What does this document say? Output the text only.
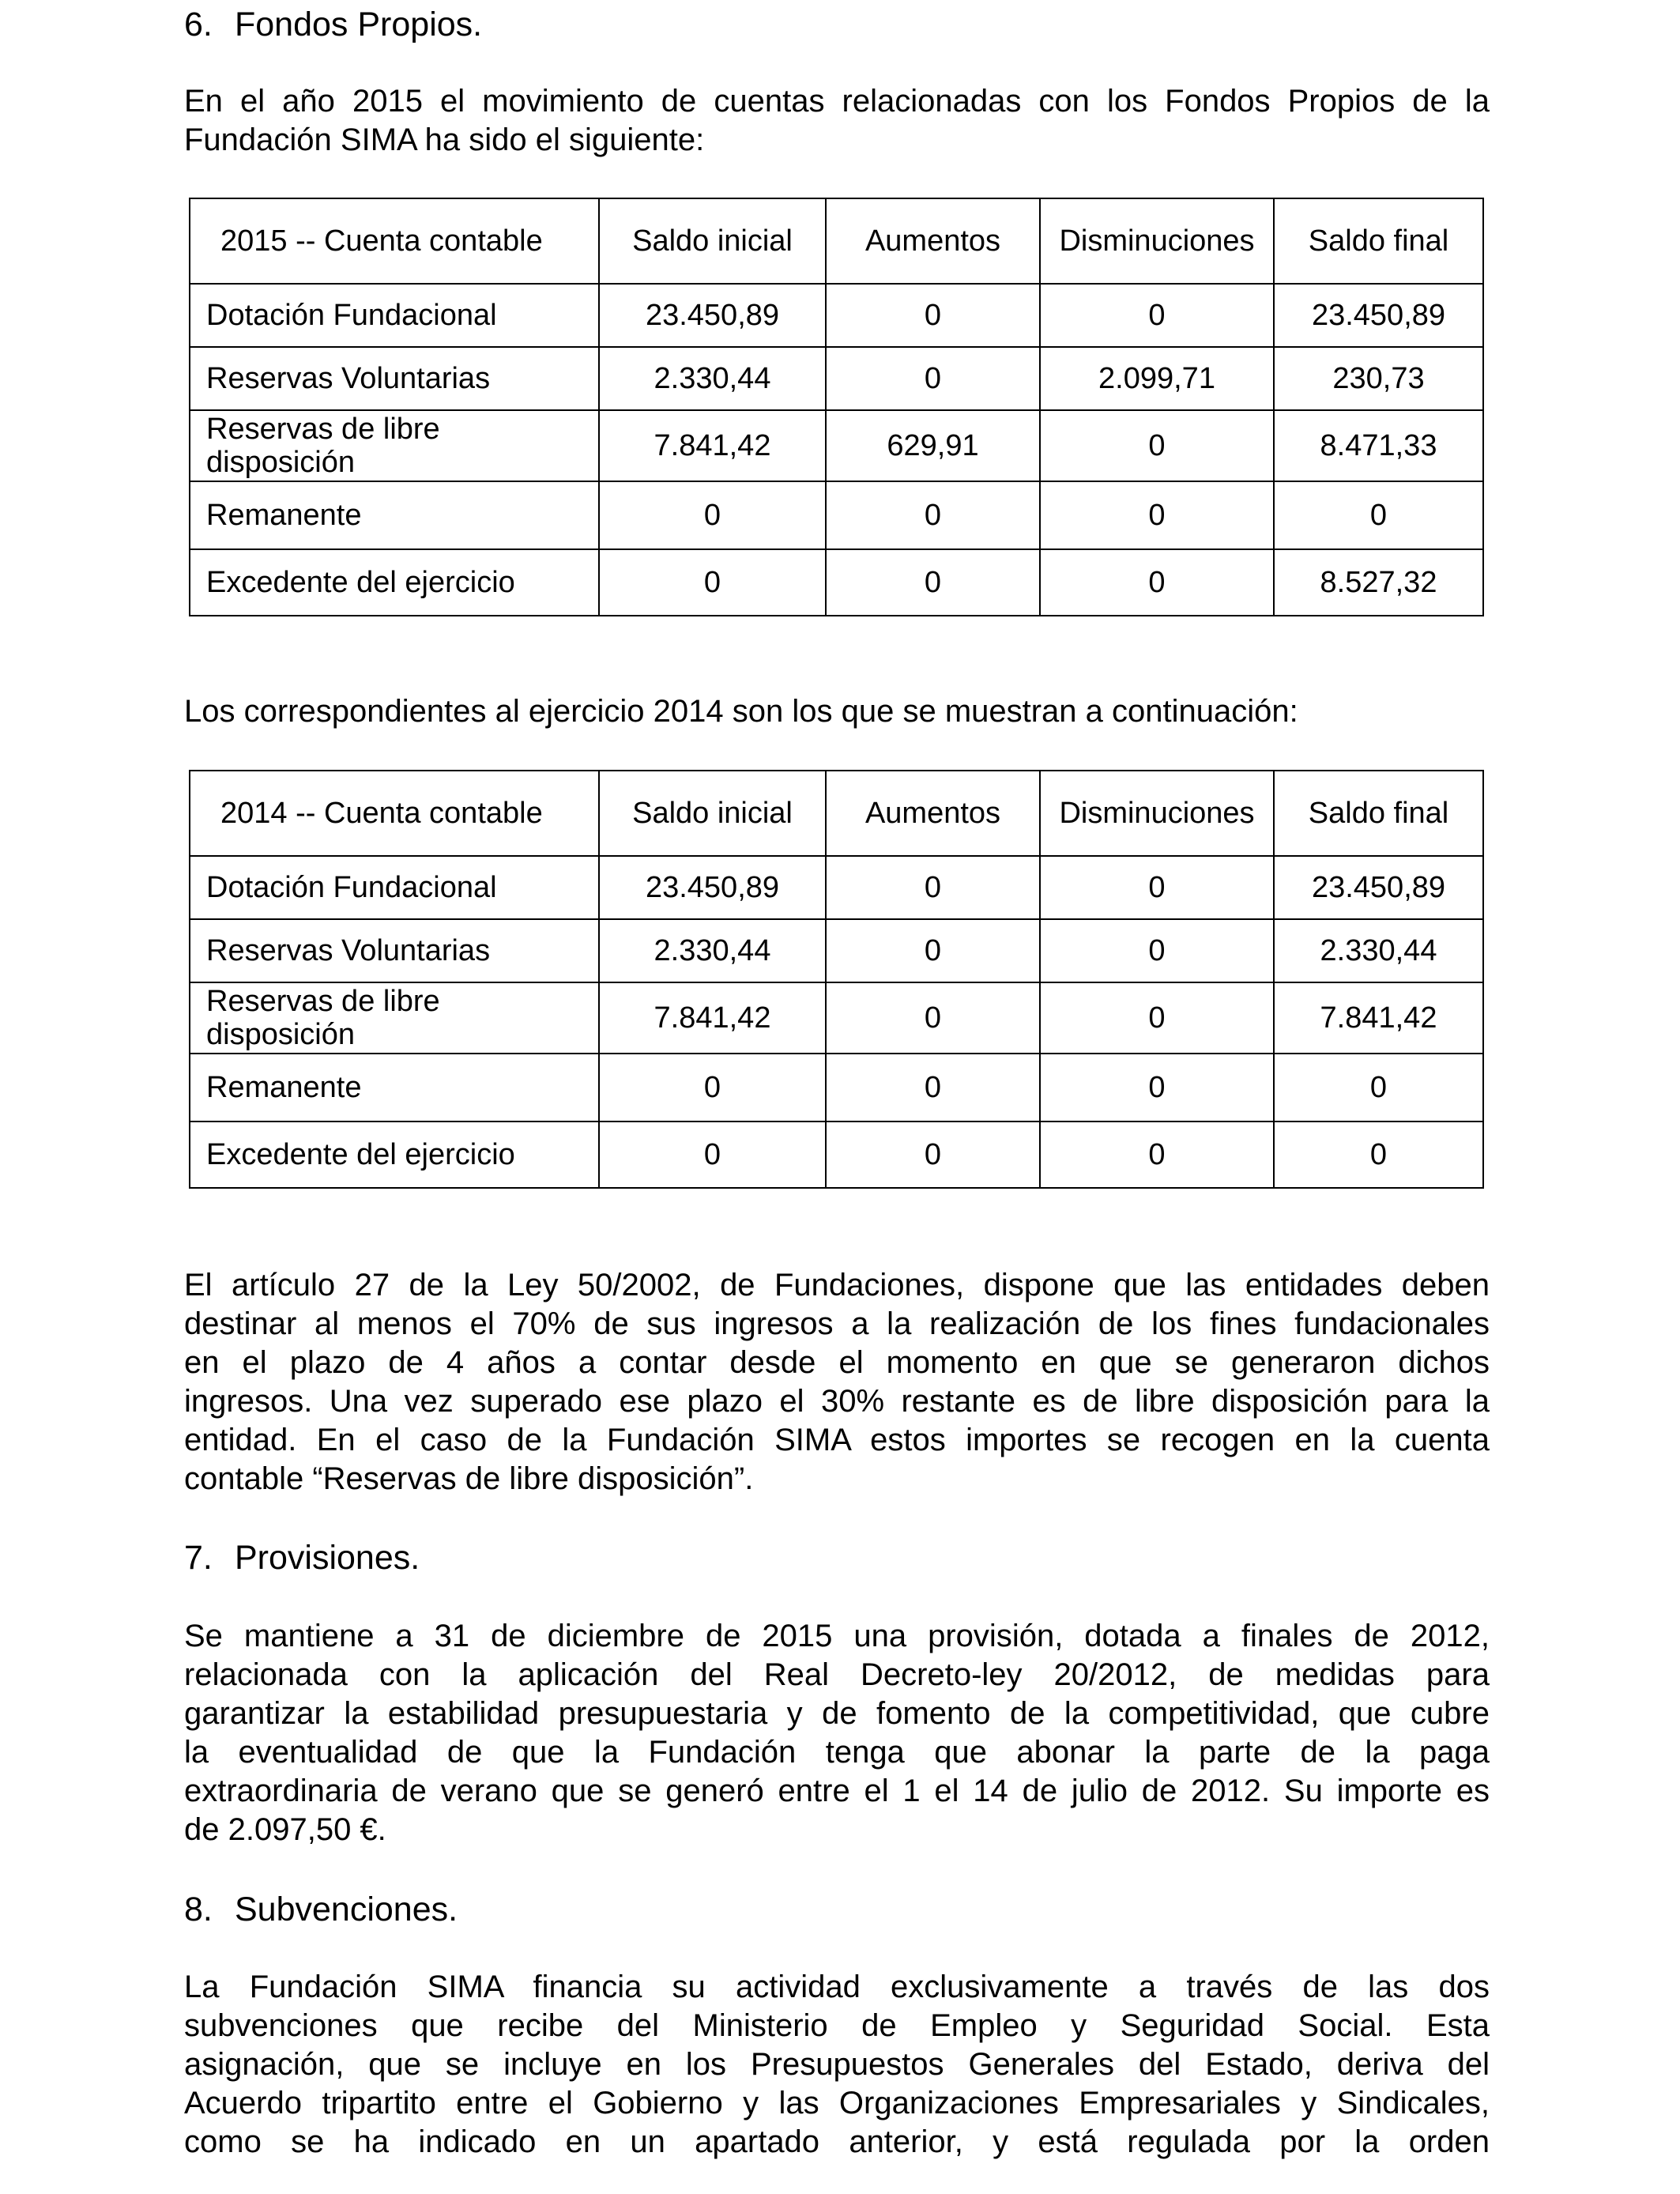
6. Fondos Propios.
En el año 2015 el movimiento de cuentas relacionadas con los Fondos Propios de la
Fundación SIMA ha sido el siguiente:
2015 -- Cuenta contable	Saldo inicial	Aumentos	Disminuciones	Saldo final
Dotación Fundacional	23.450,89	0	0	23.450,89
Reservas Voluntarias	2.330,44	0	2.099,71	230,73

Reservas de libre disposición	7.841,42	629,91	0	8.471,33
Remanente	0	0	0	0
Excedente del ejercicio	0	0	0	8.527,32
Los correspondientes al ejercicio 2014 son los que se muestran a continuación:
2014 -- Cuenta contable	Saldo inicial	Aumentos	Disminuciones	Saldo final
Dotación Fundacional	23.450,89	0	0	23.450,89
Reservas Voluntarias	2.330,44	0	0	2.330,44

Reservas de libre disposición	7.841,42	0	0	7.841,42
Remanente	0	0	0	0
Excedente del ejercicio	0	0	0	0
El artículo 27 de la Ley 50/2002, de Fundaciones, dispone que las entidades deben
destinar al menos el 70% de sus ingresos a la realización de los fines fundacionales
en el plazo de 4 años a contar desde el momento en que se generaron dichos
ingresos. Una vez superado ese plazo el 30% restante es de libre disposición para la
entidad. En el caso de la Fundación SIMA estos importes se recogen en la cuenta
contable “Reservas de libre disposición”.
7. Provisiones.
Se mantiene a 31 de diciembre de 2015 una provisión, dotada a finales de 2012,
relacionada con la aplicación del Real Decreto-ley 20/2012, de medidas para
garantizar la estabilidad presupuestaria y de fomento de la competitividad, que cubre
la eventualidad de que la Fundación tenga que abonar la parte de la paga
extraordinaria de verano que se generó entre el 1 el 14 de julio de 2012. Su importe es
de 2.097,50 €.
8. Subvenciones.
La Fundación SIMA financia su actividad exclusivamente a través de las dos
subvenciones que recibe del Ministerio de Empleo y Seguridad Social. Esta
asignación, que se incluye en los Presupuestos Generales del Estado, deriva del
Acuerdo tripartito entre el Gobierno y las Organizaciones Empresariales y Sindicales,
como se ha indicado en un apartado anterior, y está regulada por la orden
